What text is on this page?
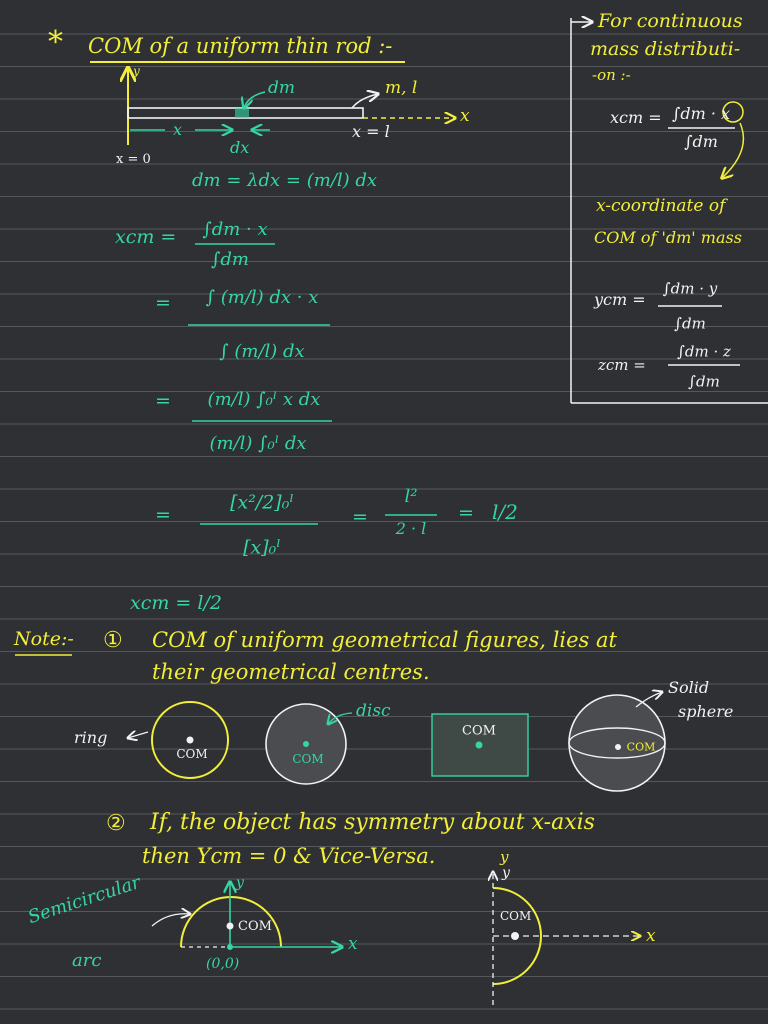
* COM of a uniform thin rod :-
y
dm	m, l
x
x
dx
x = l
x = 0
For continuous
mass distributi-
-on :-
xcm = ∫dm · x
∫dm
x-coordinate of
COM of 'dm' mass
ycm =
∫dm · y
∫dm
zcm =
∫dm · z
∫dm
dm = λdx = (m/l) dx
xcm = ∫dm · x
∫dm
= ∫ (m/l) dx · x
∫ (m/l) dx
= (m/l) ∫₀ˡ x dx
(m/l) ∫₀ˡ dx
=
[x²/2]₀ˡ
[x]₀ˡ
=
l²
2 · l
= l/2
xcm = l/2
Note:- ① COM of uniform geometrical figures, lies at
their geometrical centres.
ring
COM
disc
COM
COM
Solid
sphere
COM
② If, the object has symmetry about x-axis
then Ycm = 0 & Vice-Versa.	y
Semicircular
arc
y
COM
x
(0,0)
y
COM
x
